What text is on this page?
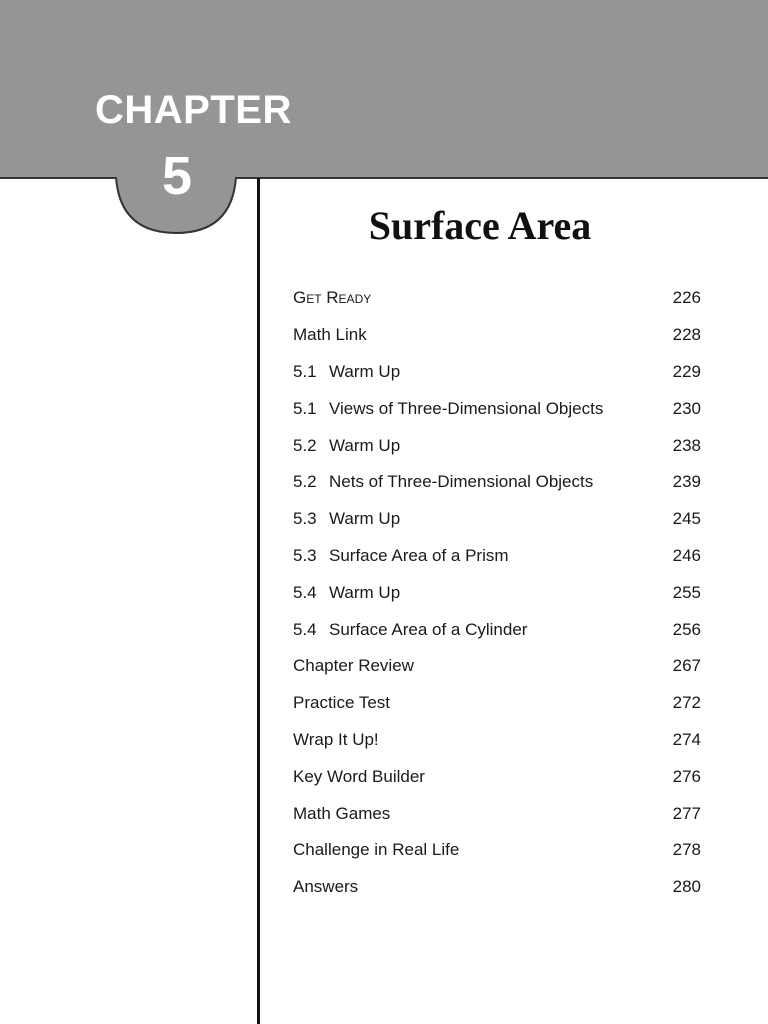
CHAPTER
5
Surface Area
Get Ready	226
Math Link	228
5.1 Warm Up	229
5.1 Views of Three-Dimensional Objects	230
5.2 Warm Up	238
5.2 Nets of Three-Dimensional Objects	239
5.3 Warm Up	245
5.3 Surface Area of a Prism	246
5.4 Warm Up	255
5.4 Surface Area of a Cylinder	256
Chapter Review	267
Practice Test	272
Wrap It Up!	274
Key Word Builder	276
Math Games	277
Challenge in Real Life	278
Answers	280
